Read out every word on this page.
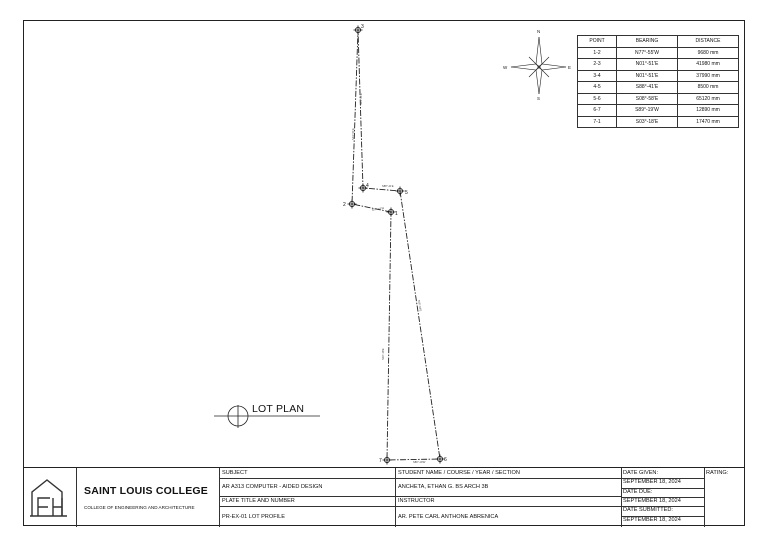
N77°-55'W
N01°-51'E
N01°-51'E
S88°-41'E
S08°-58'E
S89°-19'W
S03°-18'E
N
S
E
W
1
2
3
4
5
6
7
POINT	BEARING	DISTANCE
1-2	N77°-55'W	9680 mm
2-3	N01°-51'E	41980 mm
3-4	N01°-51'E	37990 mm
4-5	S88°-41'E	8500 mm
5-6	S08°-58'E	65120 mm
6-7	S89°-19'W	12890 mm
7-1	S03°-18'E	17470 mm
LOT PLAN
SAINT LOUIS COLLEGE
COLLEGE OF ENGINEERING AND ARCHITECTURE
SUBJECT
AR A313 COMPUTER - AIDED DESIGN
PLATE TITLE AND NUMBER
PR-EX-01 LOT PROFILE
STUDENT NAME / COURSE / YEAR / SECTION
ANCHETA, ETHAN G. BS ARCH 3B
INSTRUCTOR
AR. PETE CARL ANTHONE ABRENICA
DATE GIVEN:
SEPTEMBER 18, 2024
DATE DUE:
SEPTEMBER 18, 2024
DATE SUBMITTED:
SEPTEMBER 18, 2024
RATING:
